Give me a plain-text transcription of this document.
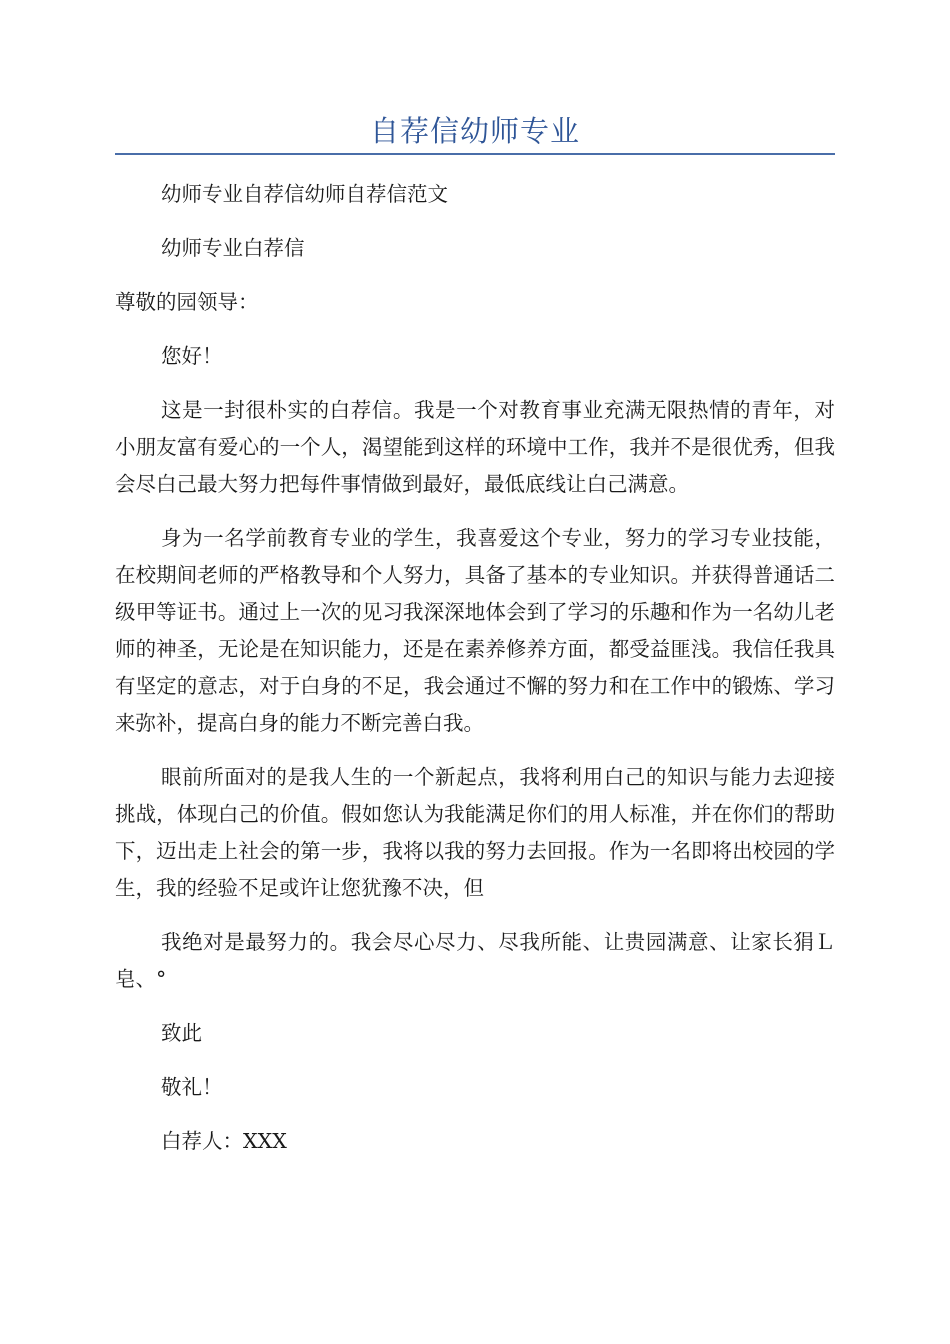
自荐信幼师专业

幼师专业自荐信幼师自荐信范文

幼师专业白荐信

尊敬的园领导：

您好！

这是一封很朴实的白荐信。我是一个对教育事业充满无限热情的青年，对小朋友富有爱心的一个人，渴望能到这样的环境中工作，我并不是很优秀，但我会尽白己最大努力把每件事情做到最好，最低底线让白己满意。

身为一名学前教育专业的学生，我喜爱这个专业，努力的学习专业技能，在校期间老师的严格教导和个人努力，具备了基本的专业知识。并获得普通话二级甲等证书。通过上一次的见习我深深地体会到了学习的乐趣和作为一名幼儿老师的神圣，无论是在知识能力，还是在素养修养方面，都受益匪浅。我信任我具有坚定的意志，对于白身的不足，我会通过不懈的努力和在工作中的锻炼、学习来弥补，提高白身的能力不断完善白我。

眼前所面对的是我人生的一个新起点，我将利用白己的知识与能力去迎接挑战，体现白己的价值。假如您认为我能满足你们的用人标准，并在你们的帮助下，迈出走上社会的第一步，我将以我的努力去回报。作为一名即将出校园的学生，我的经验不足或许让您犹豫不决，但

我绝对是最努力的。我会尽心尽力、尽我所能、让贵园满意、让家长狷Ｌ皂、°

致此

敬礼！

白荐人：XXX
